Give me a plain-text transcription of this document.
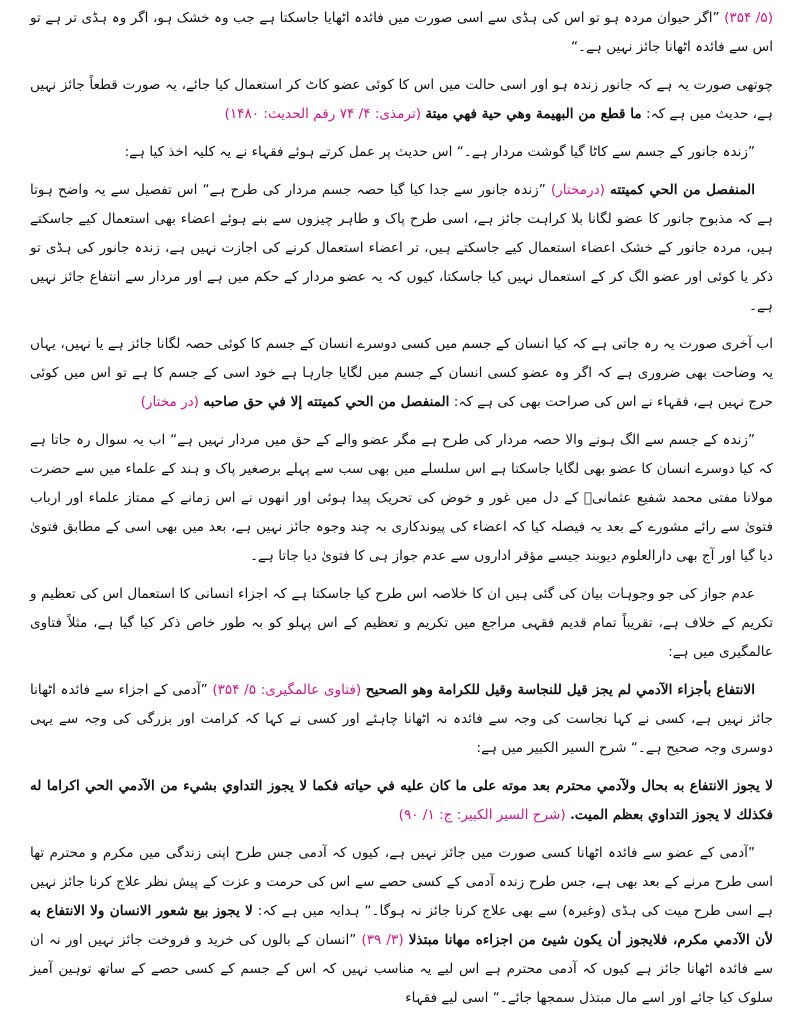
(۵/ ۳۵۴) ”اگر حیوان مردہ ہو تو اس کی ہڈی سے اسی صورت میں فائدہ اٹھایا جاسکتا ہے جب وہ خشک ہو، اگر وہ ہڈی تر ہے تو اس سے فائدہ اٹھانا جائز نہیں ہے۔“

چوتھی صورت یہ ہے کہ جانور زندہ ہو اور اسی حالت میں اس کا کوئی عضو کاٹ کر استعمال کیا جائے، یہ صورت قطعاً جائز نہیں ہے، حدیث میں ہے کہ: ما قطع من البهيمة وهي حية فهي ميتة (ترمذی: ۴/ ۷۴ رقم الحدیث: ۱۴۸۰)

”زندہ جانور کے جسم سے کاٹا گیا گوشت مردار ہے۔“ اس حدیث پر عمل کرتے ہوئے فقہاء نے یہ کلیہ اخذ کیا ہے:

المنفصل من الحي كميتته (درمختار) ”زندہ جانور سے جدا کیا گیا حصہ جسم مردار کی طرح ہے“ اس تفصیل سے یہ واضح ہوتا ہے کہ مذبوح جانور کا عضو لگانا بلا کراہت جائز ہے، اسی طرح پاک و طاہر چیزوں سے بنے ہوئے اعضاء بھی استعمال کیے جاسکتے ہیں، مردہ جانور کے خشک اعضاء استعمال کیے جاسکتے ہیں، تر اعضاء استعمال کرنے کی اجازت نہیں ہے، زندہ جانور کی ہڈی تو ذکر یا کوئی اور عضو الگ کر کے استعمال نہیں کیا جاسکتا، کیوں کہ یہ عضو مردار کے حکم میں ہے اور مردار سے انتفاع جائز نہیں ہے۔

اب آخری صورت یہ رہ جاتی ہے کہ کیا انسان کے جسم میں کسی دوسرے انسان کے جسم کا کوئی حصہ لگانا جائز ہے یا نہیں، یہاں یہ وضاحت بھی ضروری ہے کہ اگر وہ عضو کسی انسان کے جسم میں لگایا جارہا ہے خود اسی کے جسم کا ہے تو اس میں کوئی حرج نہیں ہے، فقہاء نے اس کی صراحت بھی کی ہے کہ: المنفصل من الحي كميتته إلا في حق صاحبه (در مختار)

”زندہ کے جسم سے الگ ہونے والا حصہ مردار کی طرح ہے مگر عضو والے کے حق میں مردار نہیں ہے“ اب یہ سوال رہ جاتا ہے کہ کیا دوسرے انسان کا عضو بھی لگایا جاسکتا ہے اس سلسلے میں بھی سب سے پہلے برصغیر پاک و ہند کے علماء میں سے حضرت مولانا مفتی محمد شفیع عثمانیؒ کے دل میں غور و خوض کی تحریک پیدا ہوئی اور انھوں نے اس زمانے کے ممتاز علماء اور ارباب فتویٰ سے رائے مشورے کے بعد یہ فیصلہ کیا کہ اعضاء کی پیوندکاری بہ چند وجوہ جائز نہیں ہے، بعد میں بھی اسی کے مطابق فتویٰ دیا گیا اور آج بھی دارالعلوم دیوبند جیسے مؤقر اداروں سے عدم جواز ہی کا فتویٰ دیا جاتا ہے۔

عدم جواز کی جو وجوہات بیان کی گئی ہیں ان کا خلاصہ اس طرح کیا جاسکتا ہے کہ اجزاء انسانی کا استعمال اس کی تعظیم و تکریم کے خلاف ہے، تقریباً تمام قدیم فقہی مراجع میں تکریم و تعظیم کے اس پہلو کو بہ طور خاص ذکر کیا گیا ہے، مثلاً فتاوی عالمگیری میں ہے:

الانتفاع بأجزاء الآدمي لم يجز قيل للنجاسة وقيل للكرامة وهو الصحيح (فتاوی عالمگیری: ۵/ ۳۵۴) ”آدمی کے اجزاء سے فائدہ اٹھانا جائز نہیں ہے، کسی نے کہا نجاست کی وجہ سے فائدہ نہ اٹھانا چاہئے اور کسی نے کہا کہ کرامت اور بزرگی کی وجہ سے یہی دوسری وجہ صحیح ہے۔“ شرح السیر الکبیر میں ہے:

لا يجوز الانتفاع به بحال ولآدمي محترم بعد موته على ما كان عليه في حياته فكما لا يجوز التداوي بشيء من الآدمي الحي اكراما له فكذلك لا يجوز التداوي بعظم الميت. (شرح السیر الکبیر: ج: ۱/ ۹۰)

”آدمی کے عضو سے فائدہ اٹھانا کسی صورت میں جائز نہیں ہے، کیوں کہ آدمی جس طرح اپنی زندگی میں مکرم و محترم تھا اسی طرح مرنے کے بعد بھی ہے، جس طرح زندہ آدمی کے کسی حصے سے اس کی حرمت و عزت کے پیش نظر علاج کرنا جائز نہیں ہے اسی طرح میت کی ہڈی (وغیرہ) سے بھی علاج کرنا جائز نہ ہوگا۔“ ہدایہ میں ہے کہ: لا يجوز بيع شعور الانسان ولا الانتفاع به لأن الآدمي مكرم، فلايجوز أن يكون شيئ من اجزاءه مهانا مبتذلا (۳/ ۳۹) ”انسان کے بالوں کی خرید و فروخت جائز نہیں اور نہ ان سے فائدہ اٹھانا جائز ہے کیوں کہ آدمی محترم ہے اس لیے یہ مناسب نہیں کہ اس کے جسم کے کسی حصے کے ساتھ توہین آمیز سلوک کیا جائے اور اسے مال مبتذل سمجھا جائے۔“ اسی لیے فقہاء
